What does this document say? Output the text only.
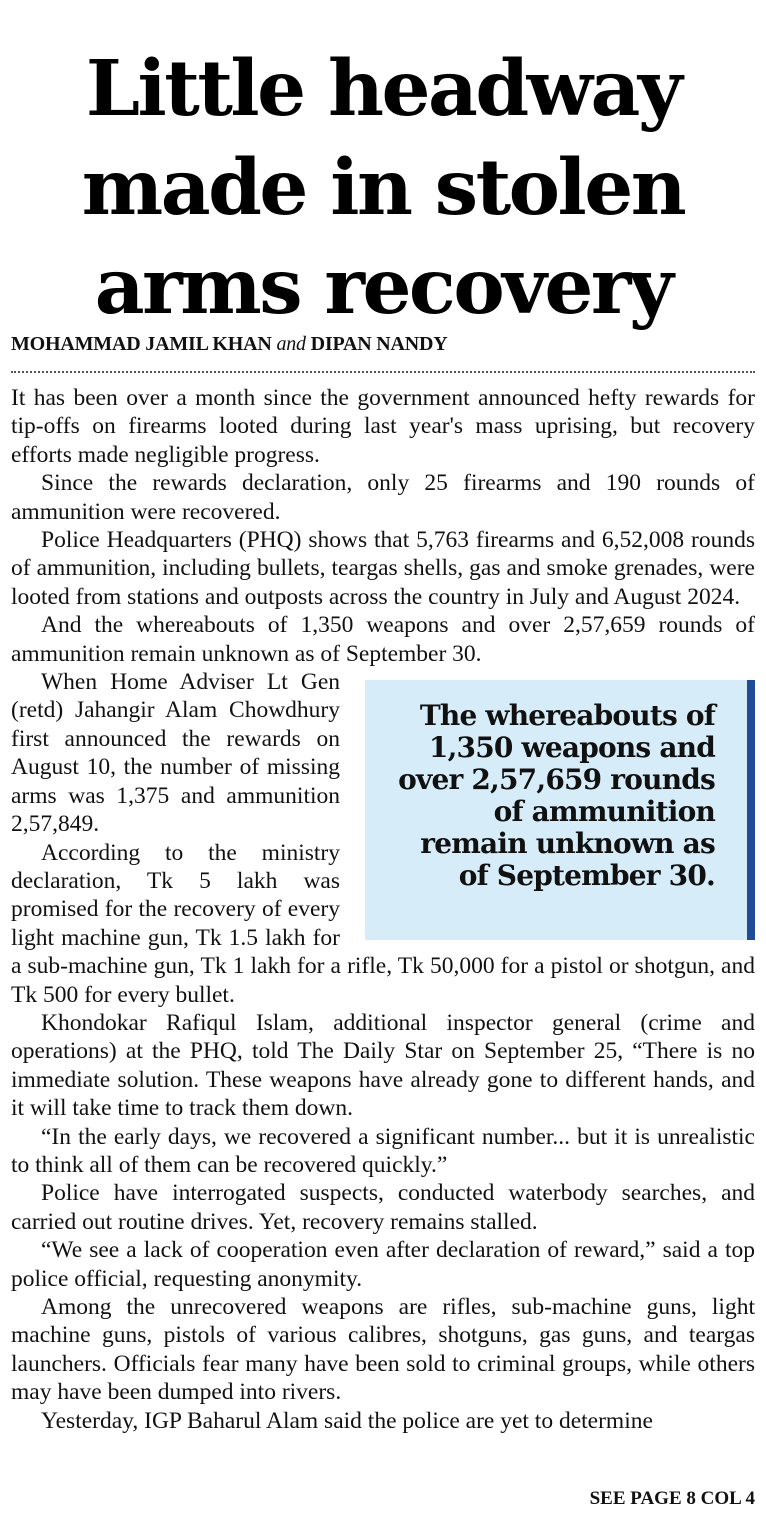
Little headway made in stolen arms recovery
MOHAMMAD JAMIL KHAN and DIPAN NANDY

It has been over a month since the government announced hefty rewards for tip-offs on firearms looted during last year's mass uprising, but recovery efforts made negligible progress.

Since the rewards declaration, only 25 firearms and 190 rounds of ammunition were recovered.

Police Headquarters (PHQ) shows that 5,763 firearms and 6,52,008 rounds of ammunition, including bullets, teargas shells, gas and smoke grenades, were looted from stations and outposts across the country in July and August 2024.

And the whereabouts of 1,350 weapons and over 2,57,659 rounds of ammunition remain unknown as of September 30.

The whereabouts of 1,350 weapons and over 2,57,659 rounds of ammunition remain unknown as of September 30.

When Home Adviser Lt Gen (retd) Jahangir Alam Chowdhury first announced the rewards on August 10, the number of missing arms was 1,375 and ammunition 2,57,849.

According to the ministry declaration, Tk 5 lakh was promised for the recovery of every light machine gun, Tk 1.5 lakh for a sub-machine gun, Tk 1 lakh for a rifle, Tk 50,000 for a pistol or shotgun, and Tk 500 for every bullet.

Khondokar Rafiqul Islam, additional inspector general (crime and operations) at the PHQ, told The Daily Star on September 25, “There is no immediate solution. These weapons have already gone to different hands, and it will take time to track them down.

“In the early days, we recovered a significant number... but it is unrealistic to think all of them can be recovered quickly.”

Police have interrogated suspects, conducted waterbody searches, and carried out routine drives. Yet, recovery remains stalled.

“We see a lack of cooperation even after declaration of reward,” said a top police official, requesting anonymity.

Among the unrecovered weapons are rifles, sub-machine guns, light machine guns, pistols of various calibres, shotguns, gas guns, and teargas launchers. Officials fear many have been sold to criminal groups, while others may have been dumped into rivers.

Yesterday, IGP Baharul Alam said the police are yet to determine

SEE PAGE 8 COL 4
